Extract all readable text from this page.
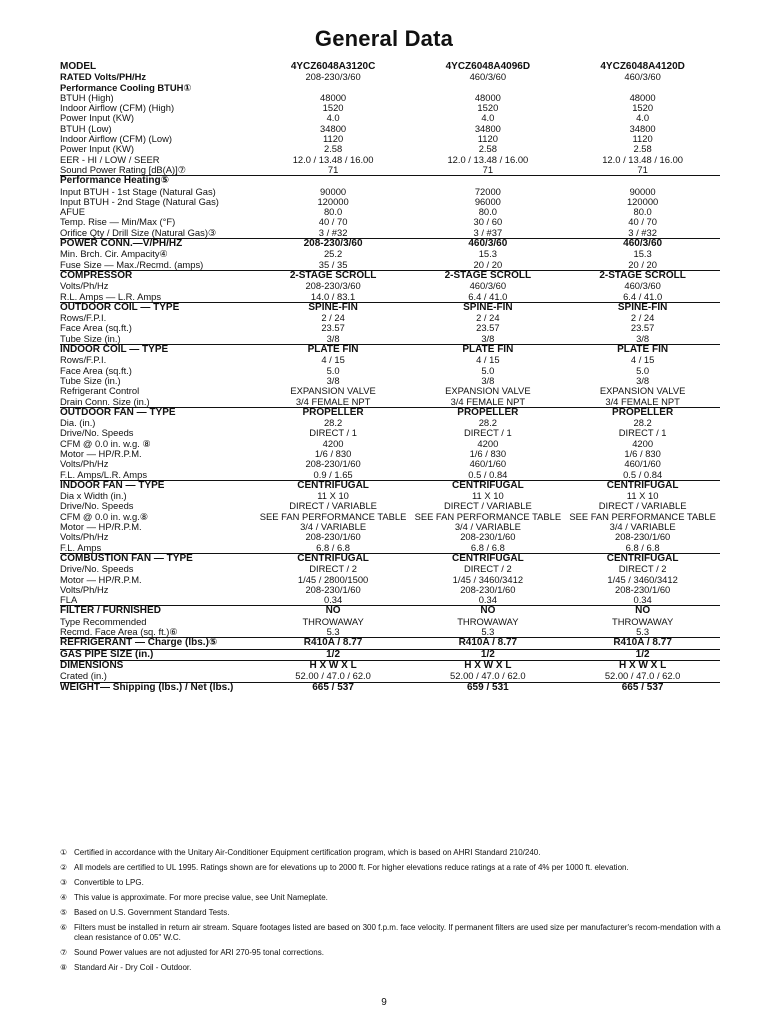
General Data
MODEL	4YCZ6048A3120C	4YCZ6048A4096D	4YCZ6048A4120D
RATED Volts/PH/Hz	208-230/3/60	460/3/60	460/3/60
Performance Cooling BTUH①
BTUH (High)	48000	48000	48000
Indoor Airflow (CFM) (High)	1520	1520	1520
Power Input (KW)	4.0	4.0	4.0
BTUH (Low)	34800	34800	34800
Indoor Airflow (CFM) (Low)	1120	1120	1120
Power Input (KW)	2.58	2.58	2.58
EER - HI / LOW / SEER	12.0 / 13.48 / 16.00	12.0 / 13.48 / 16.00	12.0 / 13.48 / 16.00
Sound Power Rating [dB(A)]⑦	71	71	71
Performance Heating⑤
Input BTUH - 1st Stage (Natural Gas)	90000	72000	90000
Input BTUH - 2nd Stage (Natural Gas)	120000	96000	120000
AFUE	80.0	80.0	80.0
Temp. Rise — Min/Max (°F)	40 / 70	30 / 60	40 / 70
Orifice Qty / Drill Size (Natural Gas)③	3 / #32	3 / #37	3 / #32
POWER CONN.—V/PH/HZ	208-230/3/60	460/3/60	460/3/60
Min. Brch. Cir. Ampacity④	25.2	15.3	15.3
Fuse Size — Max./Recmd. (amps)	35 / 35	20 / 20	20 / 20
COMPRESSOR	2-STAGE SCROLL	2-STAGE SCROLL	2-STAGE SCROLL
Volts/Ph/Hz	208-230/3/60	460/3/60	460/3/60
R.L. Amps — L.R. Amps	14.0 / 83.1	6.4 / 41.0	6.4 / 41.0
OUTDOOR COIL — TYPE	SPINE-FIN	SPINE-FIN	SPINE-FIN
Rows/F.P.I.	2 / 24	2 / 24	2 / 24
Face Area (sq.ft.)	23.57	23.57	23.57
Tube Size (in.)	3/8	3/8	3/8
INDOOR COIL — TYPE	PLATE FIN	PLATE FIN	PLATE FIN
Rows/F.P.I.	4 / 15	4 / 15	4 / 15
Face Area (sq.ft.)	5.0	5.0	5.0
Tube Size (in.)	3/8	3/8	3/8
Refrigerant Control	EXPANSION VALVE	EXPANSION VALVE	EXPANSION VALVE
Drain Conn. Size (in.)	3/4 FEMALE NPT	3/4 FEMALE NPT	3/4 FEMALE NPT
OUTDOOR FAN — TYPE	PROPELLER	PROPELLER	PROPELLER
Dia. (in.)	28.2	28.2	28.2
Drive/No. Speeds	DIRECT / 1	DIRECT / 1	DIRECT / 1
CFM @ 0.0 in. w.g. ⑧	4200	4200	4200
Motor — HP/R.P.M.	1/6 / 830	1/6 / 830	1/6 / 830
Volts/Ph/Hz	208-230/1/60	460/1/60	460/1/60
F.L. Amps/L.R. Amps	0.9 / 1.65	0.5 / 0.84	0.5 / 0.84
INDOOR FAN — TYPE	CENTRIFUGAL	CENTRIFUGAL	CENTRIFUGAL
Dia x Width (in.)	11 X 10	11 X 10	11 X 10
Drive/No. Speeds	DIRECT / VARIABLE	DIRECT / VARIABLE	DIRECT / VARIABLE
CFM @ 0.0 in. w.g.⑧	SEE FAN PERFORMANCE TABLE SEE FAN PERFORMANCE TABLE SEE FAN PERFORMANCE TABLE
Motor — HP/R.P.M.	3/4 / VARIABLE	3/4 / VARIABLE	3/4 / VARIABLE
Volts/Ph/Hz	208-230/1/60	208-230/1/60	208-230/1/60
F.L. Amps	6.8 / 6.8	6.8 / 6.8	6.8 / 6.8
COMBUSTION FAN — TYPE	CENTRIFUGAL	CENTRIFUGAL	CENTRIFUGAL
Drive/No. Speeds	DIRECT / 2	DIRECT / 2	DIRECT / 2
Motor — HP/R.P.M.	1/45 / 2800/1500	1/45 / 3460/3412	1/45 / 3460/3412
Volts/Ph/Hz	208-230/1/60	208-230/1/60	208-230/1/60
FLA	0.34	0.34	0.34
FILTER / FURNISHED	NO	NO	NO
Type Recommended	THROWAWAY	THROWAWAY	THROWAWAY
Recmd. Face Area (sq. ft.)⑥	5.3	5.3	5.3
REFRIGERANT — Charge (lbs.)⑤	R410A / 8.77	R410A / 8.77	R410A / 8.77
GAS PIPE SIZE (in.)	1/2	1/2	1/2
DIMENSIONS	H X W X L	H X W X L	H X W X L
Crated (in.)	52.00 / 47.0 / 62.0	52.00 / 47.0 / 62.0	52.00 / 47.0 / 62.0
WEIGHT— Shipping (lbs.) / Net (lbs.)	665 / 537	659 / 531	665 / 537
① Certified in accordance with the Unitary Air-Conditioner Equipment certification program, which is based on AHRI Standard 210/240.
② All models are certified to UL 1995. Ratings shown are for elevations up to 2000 ft. For higher elevations reduce ratings at a rate of 4% per 1000 ft. elevation.
③ Convertible to LPG.
④ This value is approximate. For more precise value, see Unit Nameplate.
⑤ Based on U.S. Government Standard Tests.
⑥ Filters must be installed in return air stream. Square footages listed are based on 300 f.p.m. face velocity. If permanent filters are used size per manufacturer's recom-mendation with a clean resistance of 0.05" W.C.
⑦ Sound Power values are not adjusted for ARI 270-95 tonal corrections.
⑧ Standard Air - Dry Coil - Outdoor.
9
